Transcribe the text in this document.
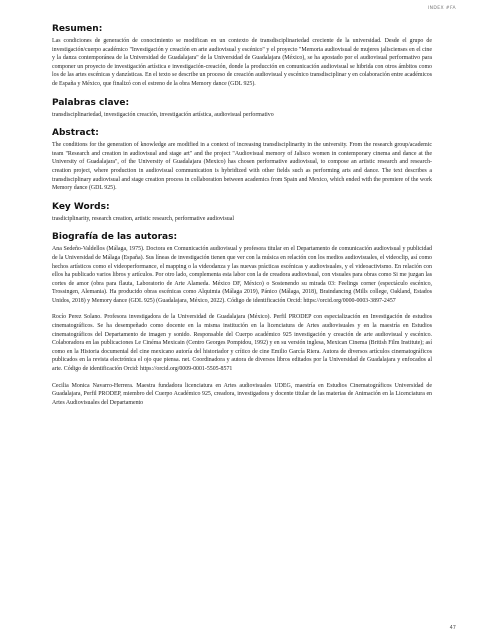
INDEX #FA
Resumen:

Las condiciones de generación de conocimiento se modifican en un contexto de transdisciplinariedad creciente de la universidad. Desde el grupo de investigación/cuerpo académico "Investigación y creación en arte audiovisual y escénico" y el proyecto "Memoria audiovisual de mujeres jaliscienses en el cine y la danza contemporánea de la Universidad de Guadalajara" de la Universidad de Guadalajara (México), se ha apostado por el audiovisual performativo para componer un proyecto de investigación artística e investigación-creación, donde la producción en comunicación audiovisual se hibrida con otros ámbitos como los de las artes escénicas y danzísticas. En el texto se describe un proceso de creación audiovisual y escénico transdisciplinar y en colaboración entre académicos de España y México, que finalizó con el estreno de la obra Memory dance (GDL 925).

Palabras clave:

transdisciplinariedad, investigación creación, investigación artística, audiovisual performativo

Abstract:

The conditions for the generation of knowledge are modified in a context of increasing transdisciplinarity in the university. From the research group/academic team "Research and creation in audiovisual and stage art" and the project "Audiovisual memory of Jalisco women in contemporary cinema and dance at the University of Guadalajara", of the University of Guadalajara (Mexico) has chosen performative audiovisual, to compose an artistic research and research-creation project, where production in audiovisual communication is hybridized with other fields such as performing arts and dance. The text describes a transdisciplinary audiovisual and stage creation process in collaboration between academics from Spain and Mexico, which ended with the premiere of the work Memory dance (GDL 925).

Key Words:

trasdiciplinarity, research creation, artistic research, performative audiovisual

Biografía de las autoras:

Ana Sedeño-Valdellos (Málaga, 1975). Doctora en Comunicación audiovisual y profesora titular en el Departamento de comunicación audiovisual y publicidad de la Universidad de Málaga (España). Sus líneas de investigación tienen que ver con la música en relación con los medios audiovisuales, el videoclip, así como hechos artísticos como el videoperformance, el mapping o la videodanza y las nuevas prácticas escénicas y audiovisuales, y el videoactivismo. En relación con ellos ha publicado varios libros y artículos. Por otro lado, complementa esta labor con la de creadora audiovisual, con visuales para obras como Si me juzgan las cortes de amor (obra para flauta, Laboratorio de Arte Alameda. México DF, México) o Sostenendo su mirada 03: Feelings corner (espectáculo escénico, Trossingen, Alemania). Ha producido obras escénicas como Alquimia (Málaga 2019), Pánico (Málaga, 2018), Braindancing (Mills college, Oakland, Estados Unidos, 2018) y Memory dance (GDL 925) (Guadalajara, México, 2022). Código de identificación Orcid: https://orcid.org/0000-0003-3897-2457

Rocío Perez Solano. Profesora investigadora de la Universidad de Guadalajara (México). Perfil PRODEP con especialización en Investigación de estudios cinematográficos. Se ha desempeñado como docente en la misma institución en la licenciatura de Artes audiovisuales y en la maestría en Estudios cinematográficos del Departamento de imagen y sonido. Responsable del Cuerpo académico 925 investigación y creación de arte audiovisual y escénico. Colaboradora en las publicaciones Le Cinéma Mexicain (Centro Georges Pompidou, 1992) y en su versión inglesa, Mexican Cinema (British Film Institute); así como en la Historia documental del cine mexicano autoría del historiador y crítico de cine Emilio García Riera. Autora de diversos artículos cinematográficos publicados en la revista electrónica el ojo que piensa. net. Coordinadora y autora de diversos libros editados por la Universidad de Guadalajara y enfocados al arte. Código de identificación Orcid: https://orcid.org/0009-0001-5505-8571

Cecilia Monica Navarro-Herrera. Maestra fundadora licenciatura en Artes audiovisuales UDEG, maestría en Estudios Cinematográficos Universidad de Guadalajara, Perfil PRODEP, miembro del Cuerpo Académico 925, creadora, investigadora y docente titular de las materias de Animación en la Licenciatura en Artes Audiovisuales del Departamento

47
